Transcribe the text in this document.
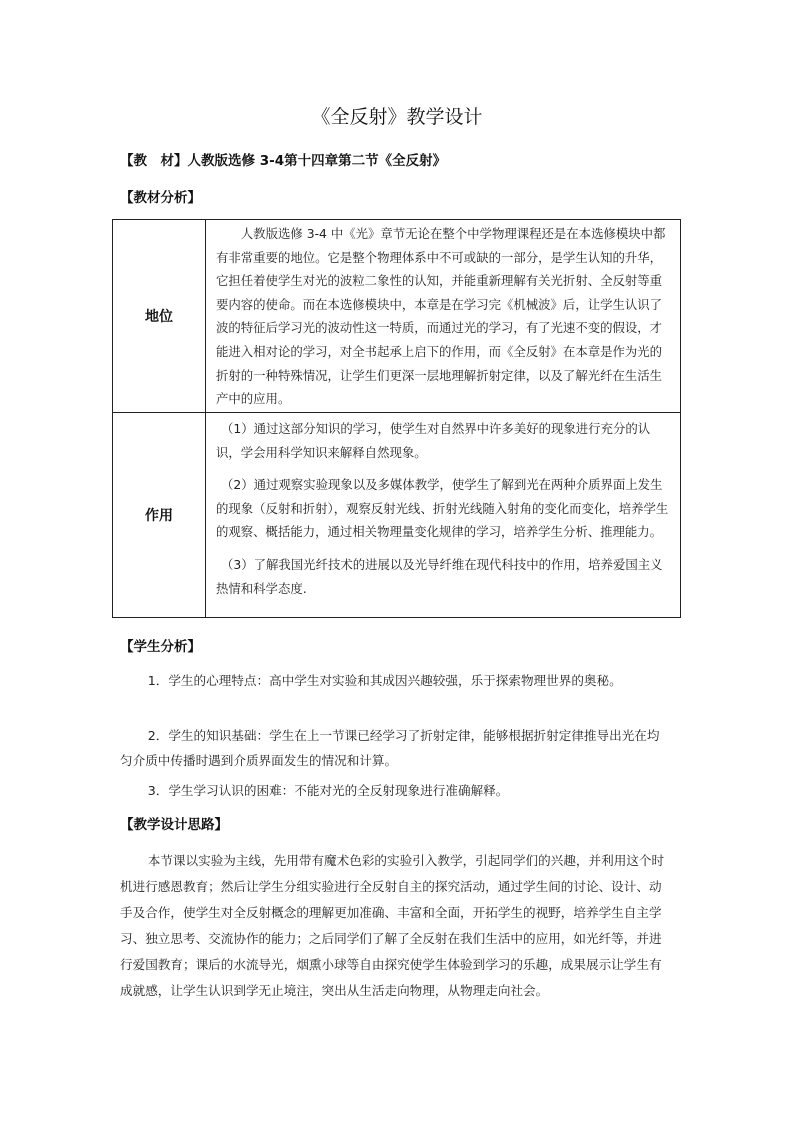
《全反射》教学设计
【教　材】人教版选修 3-4第十四章第二节《全反射》
【教材分析】
地位	人教版选修 3-4 中《光》章节无论在整个中学物理课程还是在本选修模块中都有非常重要的地位。它是整个物理体系中不可或缺的一部分，是学生认知的升华，它担任着使学生对光的波粒二象性的认知，并能重新理解有关光折射、全反射等重要内容的使命。而在本选修模块中，本章是在学习完《机械波》后，让学生认识了波的特征后学习光的波动性这一特质，而通过光的学习，有了光速不变的假设，才能进入相对论的学习，对全书起承上启下的作用，而《全反射》在本章是作为光的折射的一种特殊情况，让学生们更深一层地理解折射定律，以及了解光纤在生活生产中的应用。

作用	（1）通过这部分知识的学习，使学生对自然界中许多美好的现象进行充分的认识，学会用科学知识来解释自然现象。

（2）通过观察实验现象以及多媒体教学，使学生了解到光在两种介质界面上发生的现象（反射和折射），观察反射光线、折射光线随入射角的变化而变化，培养学生的观察、概括能力，通过相关物理量变化规律的学习，培养学生分析、推理能力。

（3）了解我国光纤技术的进展以及光导纤维在现代科技中的作用，培养爱国主义热情和科学态度.

【学生分析】

1．学生的心理特点：高中学生对实验和其成因兴趣较强，乐于探索物理世界的奥秘。

2．学生的知识基础：学生在上一节课已经学习了折射定律，能够根据折射定律推导出光在均匀介质中传播时遇到介质界面发生的情况和计算。

3．学生学习认识的困难：不能对光的全反射现象进行准确解释。

【教学设计思路】

本节课以实验为主线，先用带有魔术色彩的实验引入教学，引起同学们的兴趣，并利用这个时机进行感恩教育；然后让学生分组实验进行全反射自主的探究活动，通过学生间的讨论、设计、动手及合作，使学生对全反射概念的理解更加准确、丰富和全面，开拓学生的视野，培养学生自主学习、独立思考、交流协作的能力；之后同学们了解了全反射在我们生活中的应用，如光纤等，并进行爱国教育；课后的水流导光，烟熏小球等自由探究使学生体验到学习的乐趣，成果展示让学生有成就感，让学生认识到学无止境注，突出从生活走向物理，从物理走向社会。
